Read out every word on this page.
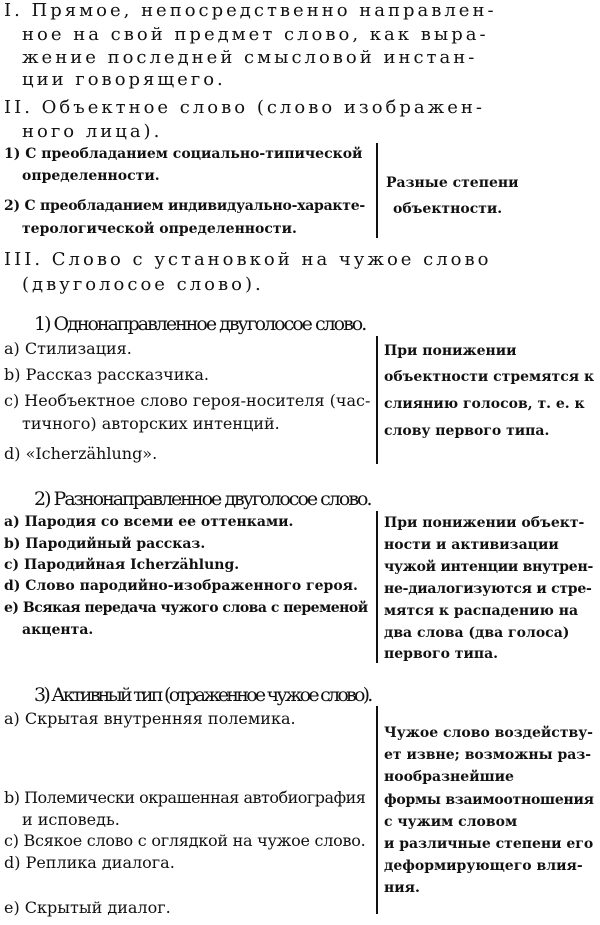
I. Прямое, непосредственно направлен-
ное на свой предмет слово, как выра-
жение последней смысловой инстан-
ции говорящего.
II. Объектное слово (слово изображен-
ного лица).
1) С преобладанием социально-типической
определенности.
2) С преобладанием индивидуально-характе-
терологической определенности.
Разные степени
объектности.
III. Слово с установкой на чужое слово
(двуголосое слово).
1) Однонаправленное двуголосое слово.
a) Стилизация.
b) Рассказ рассказчика.
c) Необъектное слово героя-носителя (час-
тичного) авторских интенций.
d) «Icherzählung».
При понижении
объектности стремятся к
слиянию голосов, т. е. к
слову первого типа.
2) Разнонаправленное двуголосое слово.
a) Пародия со всеми ее оттенками.
b) Пародийный рассказ.
c) Пародийная Icherzählung.
d) Слово пародийно-изображенного героя.
e) Всякая передача чужого слова с переменой
акцента.
При понижении объект-
ности и активизации
чужой интенции внутрен-
не-диалогизуются и стре-
мятся к распадению на
два слова (два голоса)
первого типа.
3) Активный тип (отраженное чужое слово).
a) Скрытая внутренняя полемика.
b) Полемически окрашенная автобиография
и исповедь.
c) Всякое слово с оглядкой на чужое слово.
d) Реплика диалога.
e) Скрытый диалог.
Чужое слово воздейству-
ет извне; возможны раз-
нообразнейшие
формы взаимоотношения
с чужим словом
и различные степени его
деформирующего влия-
ния.
